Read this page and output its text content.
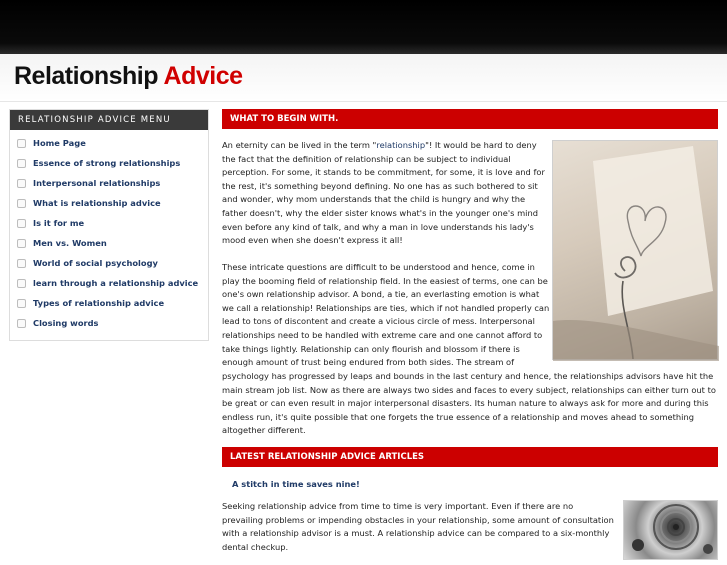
Relationship Advice
RELATIONSHIP ADVICE MENU
Home Page
Essence of strong relationships
Interpersonal relationships
What is relationship advice
Is it for me
Men vs. Women
World of social psychology
learn through a relationship advice
Types of relationship advice
Closing words
WHAT TO BEGIN WITH.
An eternity can be lived in the term "relationship"! It would be hard to deny the fact that the definition of relationship can be subject to individual perception. For some, it stands to be commitment, for some, it is love and for the rest, it's something beyond defining. No one has as such bothered to sit and wonder, why mom understands that the child is hungry and why the father doesn't, why the elder sister knows what's in the younger one's mind even before any kind of talk, and why a man in love understands his lady's mood even when she doesn't express it all!
These intricate questions are difficult to be understood and hence, come in play the booming field of relationship field. In the easiest of terms, one can be one's own relationship advisor. A bond, a tie, an everlasting emotion is what we call a relationship! Relationships are ties, which if not handled properly can lead to tons of discontent and create a vicious circle of mess. Interpersonal relationships need to be handled with extreme care and one cannot afford to take things lightly. Relationship can only flourish and blossom if there is enough amount of trust being endured from both sides. The stream of
psychology has progressed by leaps and bounds in the last century and hence, the relationships advisors have hit the main stream job list. Now as there are always two sides and faces to every subject, relationships can either turn out to be great or can even result in major interpersonal disasters. Its human nature to always ask for more and during this endless run, it's quite possible that one forgets the true essence of a relationship and moves ahead to something altogether different.
LATEST RELATIONSHIP ADVICE ARTICLES
A stitch in time saves nine!
Seeking relationship advice from time to time is very important. Even if there are no prevailing problems or impending obstacles in your relationship, some amount of consultation with a relationship advisor is a must. A relationship advice can be compared to a six-monthly dental checkup.
